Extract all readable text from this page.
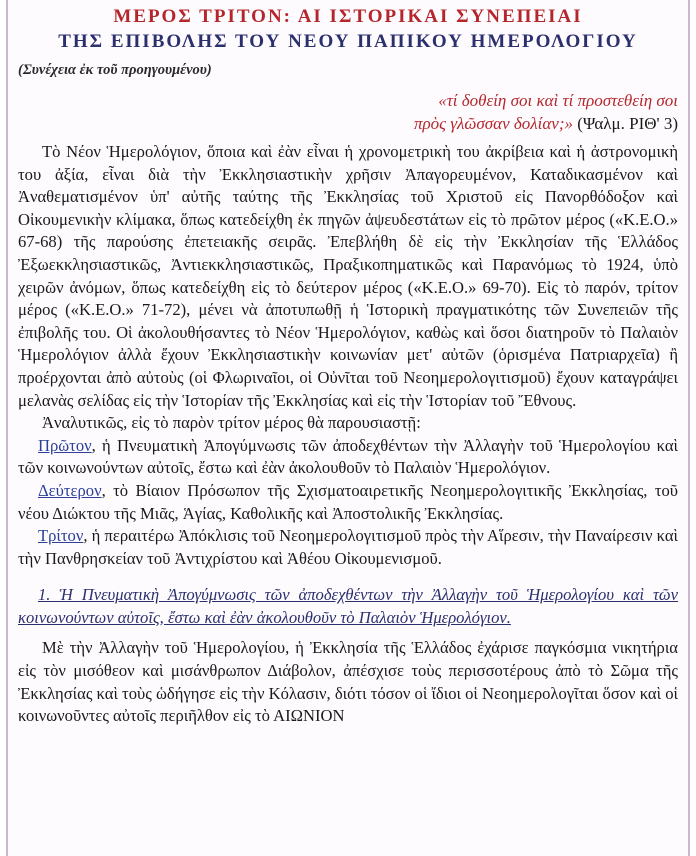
ΜΕΡΟΣ ΤΡΙΤΟΝ: ΑΙ ΙΣΤΟΡΙΚΑΙ ΣΥΝΕΠΕΙΑΙ
ΤΗΣ ΕΠΙΒΟΛΗΣ ΤΟΥ ΝΕΟΥ ΠΑΠΙΚΟΥ ΗΜΕΡΟΛΟΓΙΟΥ
(Συνέχεια ἐκ τοῦ προηγουμένου)
«τί δοθείη σοι καὶ τί προστεθείη σοι
πρὸς γλῶσσαν δολίαν;» (Ψαλμ. ΡΙΘ' 3)

Τὸ Νέον Ἡμερολόγιον, ὅποια καὶ ἐὰν εἶναι ἡ χρονομετρικὴ του ἀκρίβεια καὶ ἡ ἀστρονομικὴ του ἀξία, εἶναι διὰ τὴν Ἐκκλησιαστικὴν χρῆσιν Ἀπαγορευμένον, Καταδικασμένον καὶ Ἀναθεματισμένον ὑπ' αὐτῆς ταύτης τῆς Ἐκκλησίας τοῦ Χριστοῦ εἰς Πανορθόδοξον καὶ Οἰκουμενικὴν κλίμακα, ὅπως κατεδείχθη ἐκ πηγῶν ἀψευδεστάτων εἰς τὸ πρῶτον μέρος («Κ.Ε.Ο.» 67-68) τῆς παρούσης ἐπετειακῆς σειρᾶς. Ἐπεβλήθη δὲ εἰς τὴν Ἐκκλησίαν τῆς Ἑλλάδος Ἐξωεκκλησιαστικῶς, Ἀντιεκκλησιαστικῶς, Πραξικοπηματικῶς καὶ Παρανόμως τὸ 1924, ὑπὸ χειρῶν ἀνόμων, ὅπως κατεδείχθη εἰς τὸ δεύτερον μέρος («Κ.Ε.Ο.» 69-70). Εἰς τὸ παρόν, τρίτον μέρος («Κ.Ε.Ο.» 71-72), μένει νὰ ἀποτυπωθῇ ἡ Ἱστορικὴ πραγματικότης τῶν Συνεπειῶν τῆς ἐπιβολῆς του. Οἱ ἀκολουθήσαντες τὸ Νέον Ἡμερολόγιον, καθὼς καὶ ὅσοι διατηροῦν τὸ Παλαιὸν Ἡμερολόγιον ἀλλὰ ἔχουν Ἐκκλησιαστικὴν κοινωνίαν μετ' αὐτῶν (ὁρισμένα Πατριαρχεῖα) ἢ προέρχονται ἀπὸ αὐτοὺς (οἱ Φλωριναῖοι, οἱ Οὐνῖται τοῦ Νεοημερολογιτισμοῦ) ἔχουν καταγράψει μελανὰς σελίδας εἰς τὴν Ἱστορίαν τῆς Ἐκκλησίας καὶ εἰς τὴν Ἱστορίαν τοῦ Ἔθνους.

Ἀναλυτικῶς, εἰς τὸ παρὸν τρίτον μέρος θὰ παρουσιαστῇ:

Πρῶτον, ἡ Πνευματικὴ Ἀπογύμνωσις τῶν ἀποδεχθέντων τὴν Ἀλλαγὴν τοῦ Ἡμερολογίου καὶ τῶν κοινωνούντων αὐτοῖς, ἔστω καὶ ἐὰν ἀκολουθοῦν τὸ Παλαιὸν Ἡμερολόγιον.

Δεύτερον, τὸ Βίαιον Πρόσωπον τῆς Σχισματοαιρετικῆς Νεοημερολογιτικῆς Ἐκκλησίας, τοῦ νέου Διώκτου τῆς Μιᾶς, Ἁγίας, Καθολικῆς καὶ Ἀποστολικῆς Ἐκκλησίας.

Τρίτον, ἡ περαιτέρω Ἀπόκλισις τοῦ Νεοημερολογιτισμοῦ πρὸς τὴν Αἵρεσιν, τὴν Παναίρεσιν καὶ τὴν Πανθρησκείαν τοῦ Ἀντιχρίστου καὶ Ἀθέου Οἰκουμενισμοῦ.

1. Ἡ Πνευματικὴ Ἀπογύμνωσις τῶν ἀποδεχθέντων τὴν Ἀλλαγὴν τοῦ Ἡμερολογίου καὶ τῶν κοινωνούντων αὐτοῖς, ἔστω καὶ ἐὰν ἀκολουθοῦν τὸ Παλαιὸν Ἡμερολόγιον.

Μὲ τὴν Ἀλλαγὴν τοῦ Ἡμερολογίου, ἡ Ἐκκλησία τῆς Ἑλλάδος ἐχάρισε παγκόσμια νικητήρια εἰς τὸν μισόθεον καὶ μισάνθρωπον Διάβολον, ἀπέσχισε τοὺς περισσοτέρους ἀπὸ τὸ Σῶμα τῆς Ἐκκλησίας καὶ τοὺς ὡδήγησε εἰς τὴν Κόλασιν, διότι τόσον οἱ ἴδιοι οἱ Νεοημερολογῖται ὅσον καὶ οἱ κοινωνοῦντες αὐτοῖς περιῆλθον εἰς τὸ ΑΙΩΝΙΟΝ
